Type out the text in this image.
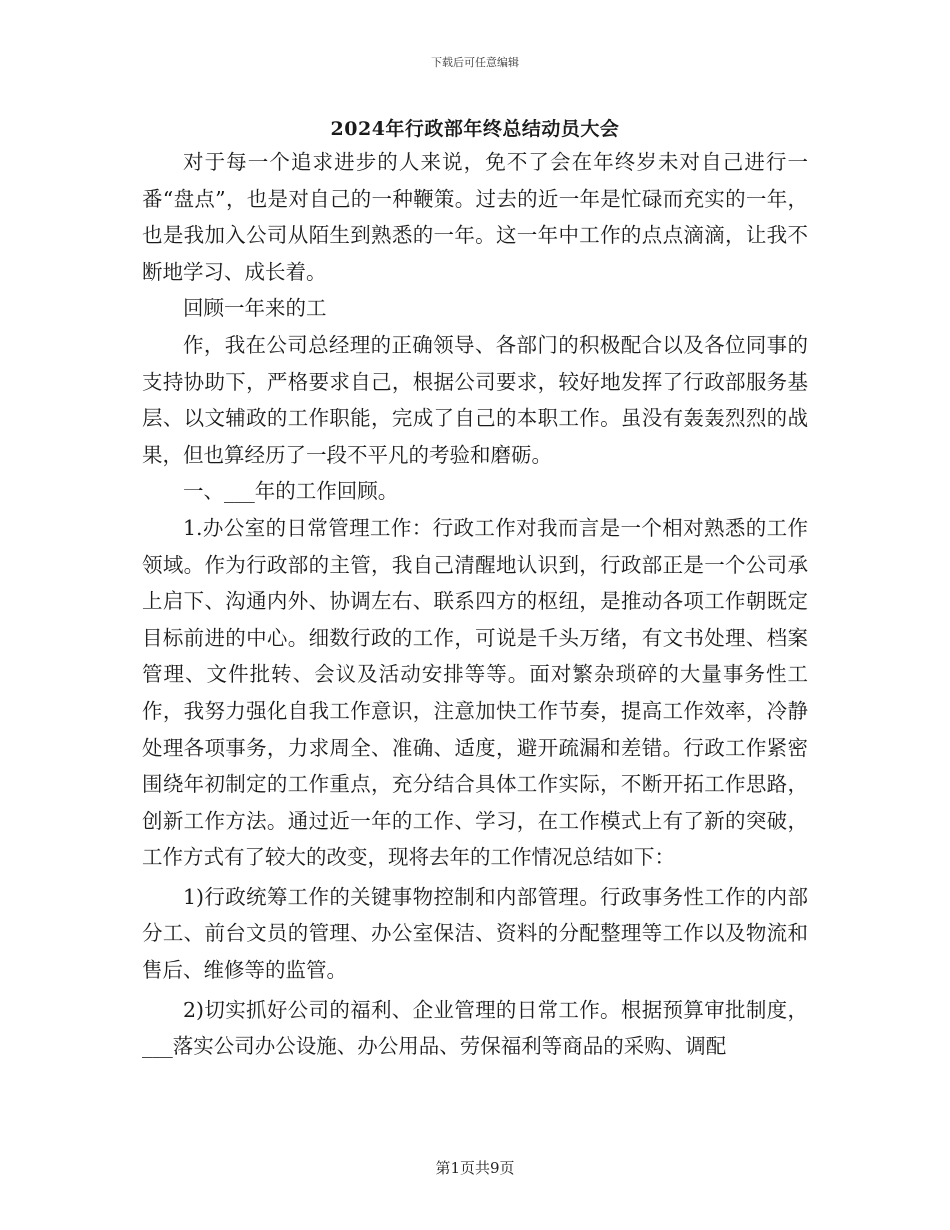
下载后可任意编辑
2024年行政部年终总结动员大会

对于每一个追求进步的人来说，免不了会在年终岁未对自己进行一番“盘点”，也是对自己的一种鞭策。过去的近一年是忙碌而充实的一年，也是我加入公司从陌生到熟悉的一年。这一年中工作的点点滴滴，让我不断地学习、成长着。

回顾一年来的工

作，我在公司总经理的正确领导、各部门的积极配合以及各位同事的支持协助下，严格要求自己，根据公司要求，较好地发挥了行政部服务基层、以文辅政的工作职能，完成了自己的本职工作。虽没有轰轰烈烈的战果，但也算经历了一段不平凡的考验和磨砺。

一、___年的工作回顾。

1.办公室的日常管理工作：行政工作对我而言是一个相对熟悉的工作领域。作为行政部的主管，我自己清醒地认识到，行政部正是一个公司承上启下、沟通内外、协调左右、联系四方的枢纽，是推动各项工作朝既定目标前进的中心。细数行政的工作，可说是千头万绪，有文书处理、档案管理、文件批转、会议及活动安排等等。面对繁杂琐碎的大量事务性工作，我努力强化自我工作意识，注意加快工作节奏，提高工作效率，冷静处理各项事务，力求周全、准确、适度，避开疏漏和差错。行政工作紧密围绕年初制定的工作重点，充分结合具体工作实际，不断开拓工作思路，创新工作方法。通过近一年的工作、学习，在工作模式上有了新的突破，工作方式有了较大的改变，现将去年的工作情况总结如下：

1)行政统筹工作的关键事物控制和内部管理。行政事务性工作的内部分工、前台文员的管理、办公室保洁、资料的分配整理等工作以及物流和售后、维修等的监管。

2)切实抓好公司的福利、企业管理的日常工作。根据预算审批制度，___落实公司办公设施、办公用品、劳保福利等商品的采购、调配

第1页共9页
